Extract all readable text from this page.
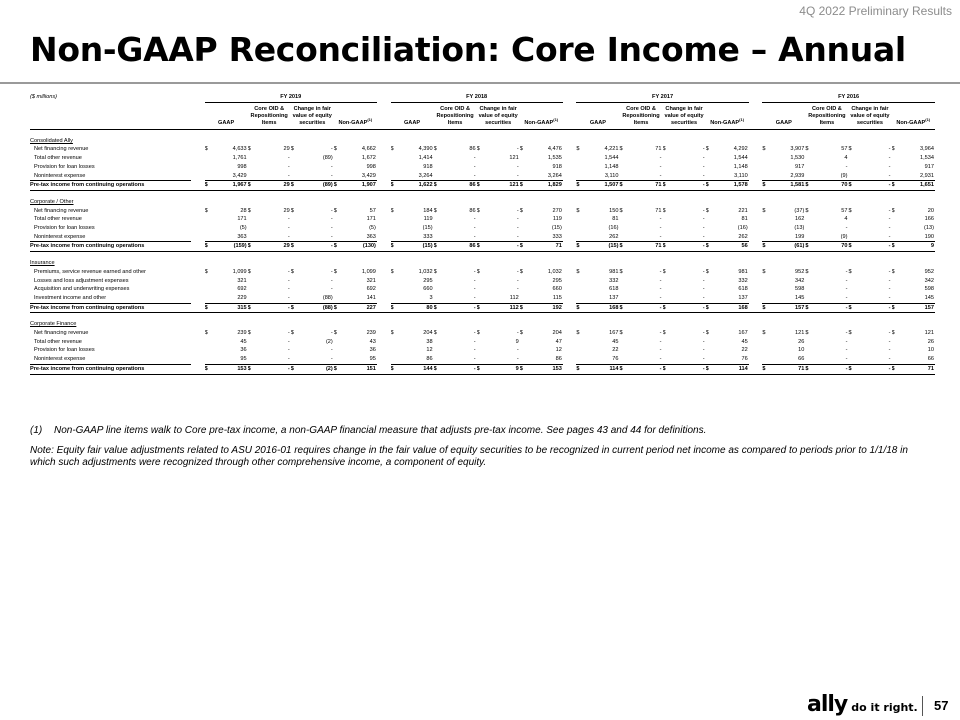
4Q 2022 Preliminary Results
Non-GAAP Reconciliation: Core Income – Annual
($ millions)		FY 2019									FY 2018									FY 2017									FY 2016							
		GAAP		Core OID & Repositioning Items		Change in fair value of equity securities		Non-GAAP$^{(1)}$			GAAP		Core OID & Repositioning Items		Change in fair value of equity securities		Non-GAAP$^{(1)}$			GAAP		Core OID & Repositioning Items		Change in fair value of equity securities		Non-GAAP$^{(1)}$			GAAP		Core OID & Repositioning Items		Change in fair value of equity securities		Non-GAAP$^{(1)}$
Consolidated Ally																																				
Net financing revenue		$	4,633	$	29	$	-	$	4,662		$	4,390	$	86	$	-	$	4,476		$	4,221	$	71	$	-	$	4,292		$	3,907	$	57	$	-	$	3,964
Total other revenue			1,761		-		(89)		1,672			1,414		-		121		1,535			1,544		-		-		1,544			1,530		4		-		1,534
Provision for loan losses			998		-		-		998			918		-		-		918			1,148		-		-		1,148			917		-		-		917
Noninterest expense			3,429		-		-		3,429			3,264		-		-		3,264			3,110		-		-		3,110			2,939		(9)		-		2,931
Pre-tax income from continuing operations		$	1,967	$	29	$	(89)	$	1,907		$	1,622	$	86	$	121	$	1,829		$	1,507	$	71	$	-	$	1,578		$	1,581	$	70	$	-	$	1,651
Corporate / Other																																				
Net financing revenue		$	28	$	29	$	-	$	57		$	184	$	86	$	-	$	270		$	150	$	71	$	-	$	221		$	(37)	$	57	$	-	$	20
Total other revenue			171		-		-		171			119		-		-		119			81		-		-		81			162		4		-		166
Provision for loan losses			(5)		-		-		(5)			(15)		-		-		(15)			(16)		-		-		(16)			(13)		-		-		(13)
Noninterest expense			363		-		-		363			333		-		-		333			262		-		-		262			199		(9)		-		190
Pre-tax income from continuing operations		$	(159)	$	29	$	-	$	(130)		$	(15)	$	86	$	-	$	71		$	(15)	$	71	$	-	$	56		$	(61)	$	70	$	-	$	9
Insurance																																				
Premiums, service revenue earned and other		$	1,099	$	-	$	-	$	1,099		$	1,032	$	-	$	-	$	1,032		$	981	$	-	$	-	$	981		$	952	$	-	$	-	$	952
Losses and loss adjustment expenses			321		-		-		321			295		-		-		295			332		-		-		332			342		-		-		342
Acquisition and underwriting expenses			692		-		-		692			660		-		-		660			618		-		-		618			598		-		-		598
Investment income and other			229		-		(88)		141			3		-		112		115			137		-		-		137			145		-		-		145
Pre-tax income from continuing operations		$	315	$	-	$	(88)	$	227		$	80	$	-	$	112	$	192		$	168	$	-	$	-	$	168		$	157	$	-	$	-	$	157
Corporate Finance																																				
Net financing revenue		$	239	$	-	$	-	$	239		$	204	$	-	$	-	$	204		$	167	$	-	$	-	$	167		$	121	$	-	$	-	$	121
Total other revenue			45		-		(2)		43			38		-		9		47			45		-		-		45			26		-		-		26
Provision for loan losses			36		-		-		36			12		-		-		12			22		-		-		22			10		-		-		10
Noninterest expense			95		-		-		95			86		-		-		86			76		-		-		76			66		-		-		66
Pre-tax income from continuing operations		$	153	$	-	$	(2)	$	151		$	144	$	-	$	9	$	153		$	114	$	-	$	-	$	114		$	71	$	-	$	-	$	71
(1) Non-GAAP line items walk to Core pre-tax income, a non-GAAP financial measure that adjusts pre-tax income. See pages 43 and 44 for definitions.
Note: Equity fair value adjustments related to ASU 2016-01 requires change in the fair value of equity securities to be recognized in current period net income as compared to periods prior to 1/1/18 in which such adjustments were recognized through other comprehensive income, a component of equity.
ally do it right. 57
